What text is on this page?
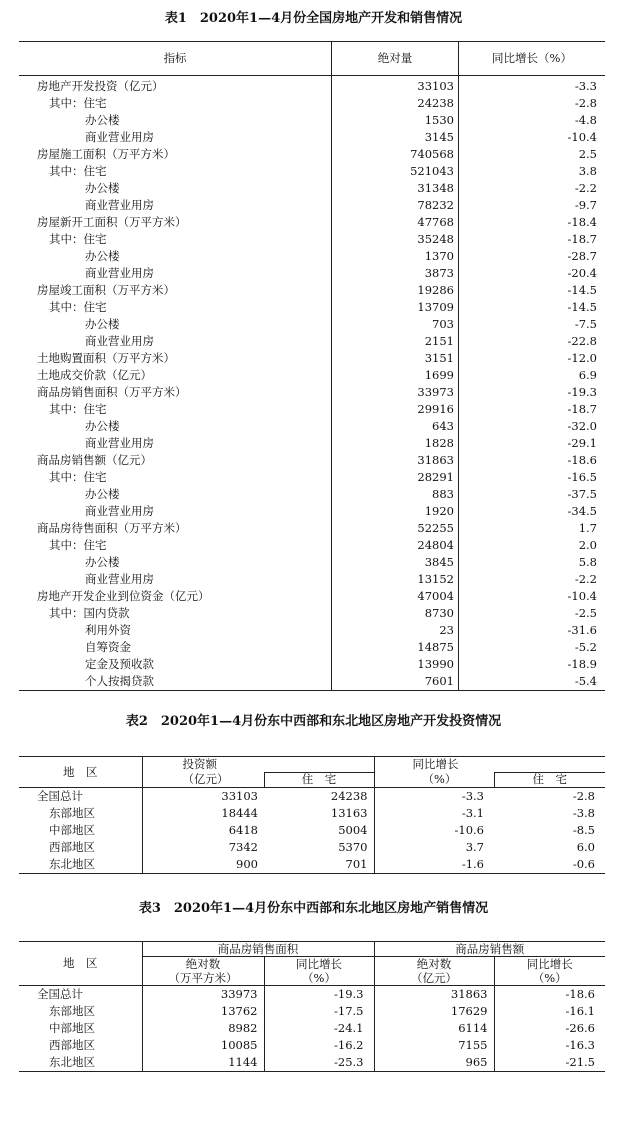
表1　2020年1—4月份全国房地产开发和销售情况
指标	绝对量	同比增长（%）
房地产开发投资（亿元）	33103	-3.3
其中：住宅	24238	-2.8
办公楼	1530	-4.8
商业营业用房	3145	-10.4
房屋施工面积（万平方米）	740568	2.5
其中：住宅	521043	3.8
办公楼	31348	-2.2
商业营业用房	78232	-9.7
房屋新开工面积（万平方米）	47768	-18.4
其中：住宅	35248	-18.7
办公楼	1370	-28.7
商业营业用房	3873	-20.4
房屋竣工面积（万平方米）	19286	-14.5
其中：住宅	13709	-14.5
办公楼	703	-7.5
商业营业用房	2151	-22.8
土地购置面积（万平方米）	3151	-12.0
土地成交价款（亿元）	1699	6.9
商品房销售面积（万平方米）	33973	-19.3
其中：住宅	29916	-18.7
办公楼	643	-32.0
商业营业用房	1828	-29.1
商品房销售额（亿元）	31863	-18.6
其中：住宅	28291	-16.5
办公楼	883	-37.5
商业营业用房	1920	-34.5
商品房待售面积（万平方米）	52255	1.7
其中：住宅	24804	2.0
办公楼	3845	5.8
商业营业用房	13152	-2.2
房地产开发企业到位资金（亿元）	47004	-10.4
其中：国内贷款	8730	-2.5
利用外资	23	-31.6
自筹资金	14875	-5.2
定金及预收款	13990	-18.9
个人按揭贷款	7601	-5.4
表2　2020年1—4月份东中西部和东北地区房地产开发投资情况
地　区	投资额		同比增长	
	（亿元）	住　宅	（%）	住　宅
全国总计	33103	24238	-3.3	-2.8
东部地区	18444	13163	-3.1	-3.8
中部地区	6418	5004	-10.6	-8.5
西部地区	7342	5370	3.7	6.0
东北地区	900	701	-1.6	-0.6
表3　2020年1—4月份东中西部和东北地区房地产销售情况
地　区	商品房销售面积		商品房销售额	
	绝对数	同比增长	绝对数	同比增长
	（万平方米）	（%）	（亿元）	（%）
全国总计	33973	-19.3	31863	-18.6
东部地区	13762	-17.5	17629	-16.1
中部地区	8982	-24.1	6114	-26.6
西部地区	10085	-16.2	7155	-16.3
东北地区	1144	-25.3	965	-21.5
